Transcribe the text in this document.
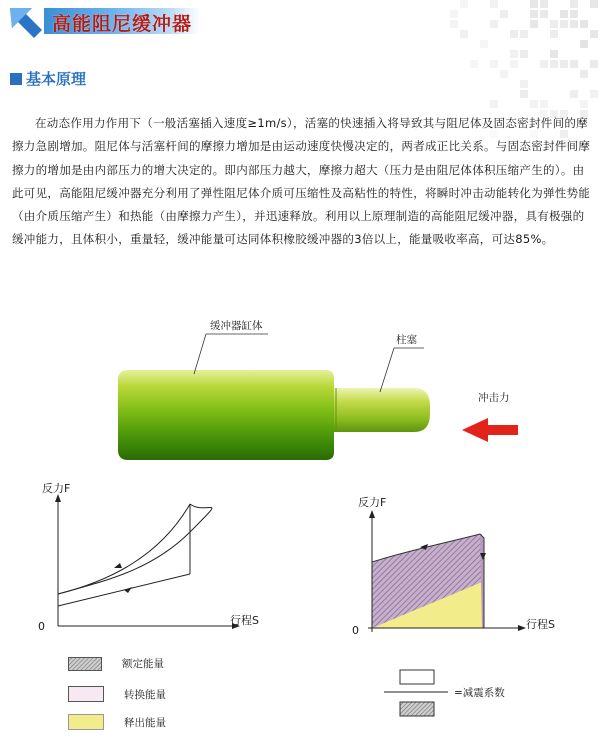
高能阻尼缓冲器
基本原理
在动态作用力作用下（一般活塞插入速度≥1m/s），活塞的快速插入将导致其与阻尼体及固态密封件间的摩擦力急剧增加。阻尼体与活塞杆间的摩擦力增加是由运动速度快慢决定的，两者成正比关系。与固态密封件间摩擦力的增加是由内部压力的增大决定的。即内部压力越大，摩擦力超大（压力是由阻尼体体积压缩产生的）。由此可见，高能阻尼缓冲器充分利用了弹性阻尼体介质可压缩性及高粘性的特性，将瞬时冲击动能转化为弹性势能（由介质压缩产生）和热能（由摩擦力产生），并迅速释放。利用以上原理制造的高能阻尼缓冲器，具有极强的缓冲能力，且体积小，重量轻，缓冲能量可达同体积橡胶缓冲器的3倍以上，能量吸收率高，可达85%。
缓冲器缸体
柱塞
冲击力
反力F
0	行程S
反力F
0	行程S
额定能量
转换能量
释出能量
=减震系数
